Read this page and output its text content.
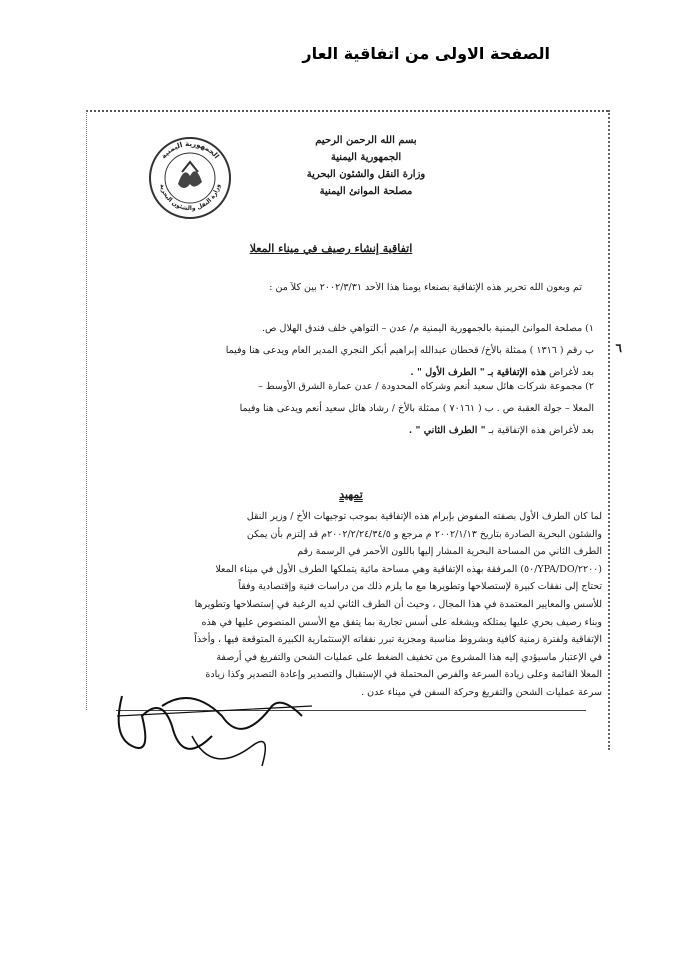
الصفحة الاولى من اتفاقية العار
بسم الله الرحمن الرحيم
الجمهورية اليمنية
وزارة النقل والشئون البحرية
مصلحة الموانئ اليمنية
الجمهورية اليمنية
وزارة النقل والشئون البحرية
اتفاقية إنشاء رصيف في ميناء المعلا
تم وبعون الله تحرير هذه الإتفاقية بصنعاء يومنا هذا الأحد ٢٠٠٢/٣/٣١ بين كلاً من :
١) مصلحة الموانئ اليمنية بالجمهورية اليمنية م/ عدن – التواهي خلف فندق الهلال ص.
ب رقم ( ١٣١٦ ) ممثلة بالأخ/ قحطان عبدالله إبراهيم أبكر النجري المدير العام ويدعى هنا وفيما
بعد لأغراض هذه الإتفاقية بـ " الطرف الأول " .
٦
٢) مجموعة شركات هائل سعيد أنعم وشركاه المحدودة / عدن عمارة الشرق الأوسط –
المعلا – جولة العقبة ص . ب ( ٧٠١٦١ ) ممثلة بالأخ / رشاد هائل سعيد أنعم ويدعى هنا وفيما
بعد لأغراض هذه الإتفاقية بـ " الطرف الثاني " .
تمهيد
لما كان الطرف الأول بصفته المفوض بإبرام هذه الإتفاقية بموجب توجيهات الأخ / وزير النقل
والشئون البحرية الصادرة بتاريخ ٢٠٠٢/١/١٣ م مرجع و ٢٠٠٢/٢/٢٤/٣٤/٥م قد إلتزم بأن يمكن
الطرف الثاني من المساحة البحرية المشار إليها باللون الأحمر في الرسمة رقم
(٢٢٠٠/YPA/DO/٥٠) المرفقة بهذه الإتفاقية وهي مساحة مائية يتملكها الطرف الأول في ميناء المعلا
تحتاج إلى نفقات كبيرة لإستصلاحها وتطويرها مع ما يلزم ذلك من دراسات فنية وإقتصادية وفقاً
للأسس والمعايير المعتمدة في هذا المجال ، وحيث أن الطرف الثاني لديه الرغبة في إستصلاحها وتطويرها
وبناء رصيف بحري عليها يمتلكه ويشغله على أسس تجارية بما يتفق مع الأسس المنصوص عليها في هذه
الإتفاقية ولفترة زمنية كافية وبشروط مناسبة ومجزية تبرر نفقاته الإستثمارية الكبيرة المتوقعة فيها ، وأخذاً
في الإعتبار ماسيؤدي إليه هذا المشروع من تخفيف الضغط على عمليات الشحن والتفريغ في أرصفة
المعلا القائمة وعلى زيادة السرعة والفرص المحتملة في الإستقبال والتصدير وإعادة التصدير وكذا زيادة
سرعة عمليات الشحن والتفريغ وحركة السفن في ميناء عدن .
